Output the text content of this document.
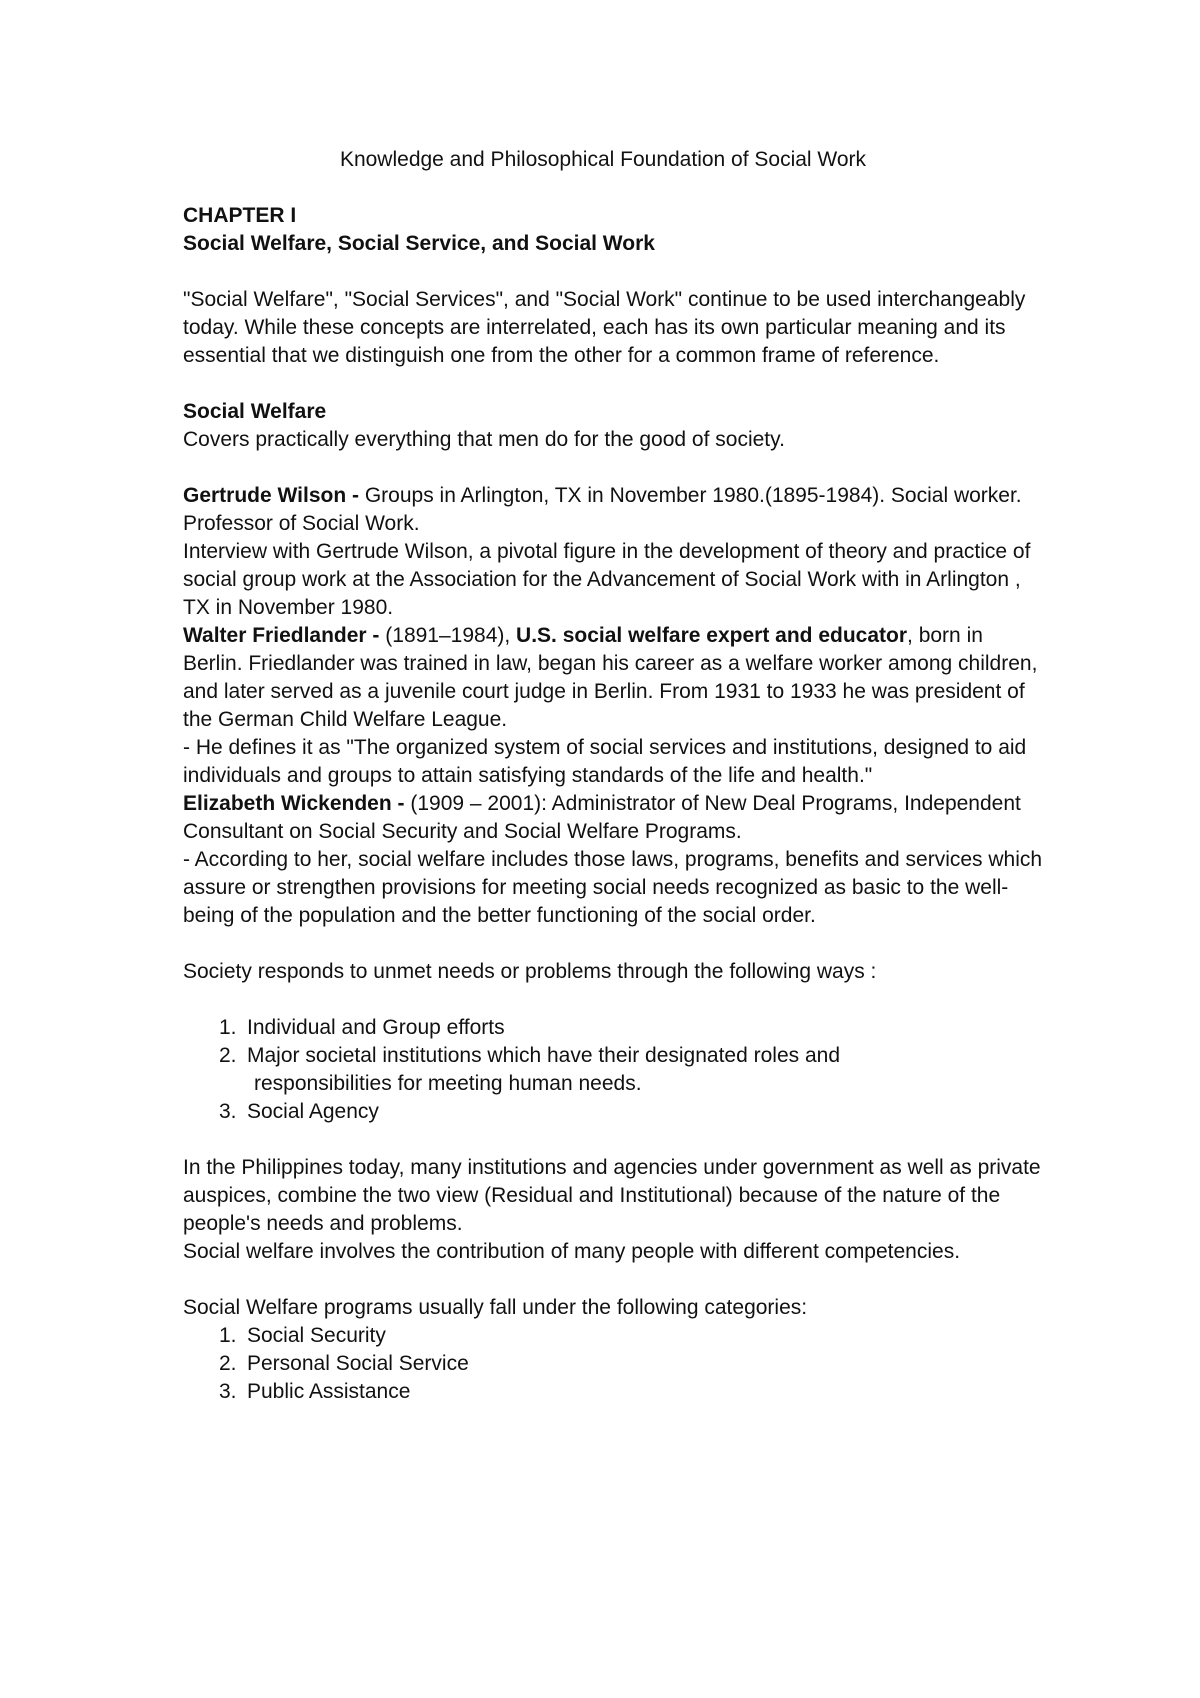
Knowledge and Philosophical Foundation of Social Work

CHAPTER I

Social Welfare, Social Service, and Social Work

"Social Welfare", "Social Services", and "Social Work" continue to be used interchangeably today. While these concepts are interrelated, each has its own particular meaning and its essential that we distinguish one from the other for a common frame of reference.

Social Welfare

Covers practically everything that men do for the good of society.

Gertrude Wilson - Groups in Arlington, TX in November 1980.(1895-1984). Social worker. Professor of Social Work.

Interview with Gertrude Wilson, a pivotal figure in the development of theory and practice of social group work at the Association for the Advancement of Social Work with in Arlington , TX in November 1980.

Walter Friedlander - (1891–1984), U.S. social welfare expert and educator, born in Berlin. Friedlander was trained in law, began his career as a welfare worker among children, and later served as a juvenile court judge in Berlin. From 1931 to 1933 he was president of the German Child Welfare League.

- He defines it as "The organized system of social services and institutions, designed to aid individuals and groups to attain satisfying standards of the life and health."

Elizabeth Wickenden - (1909 – 2001): Administrator of New Deal Programs, Independent Consultant on Social Security and Social Welfare Programs.

- According to her, social welfare includes those laws, programs, benefits and services which assure or strengthen provisions for meeting social needs recognized as basic to the well-being of the population and the better functioning of the social order.

Society responds to unmet needs or problems through the following ways :

1. Individual and Group efforts
2. Major societal institutions which have their designated roles and
responsibilities for meeting human needs.
3. Social Agency

In the Philippines today, many institutions and agencies under government as well as private auspices, combine the two view (Residual and Institutional) because of the nature of the people's needs and problems.

Social welfare involves the contribution of many people with different competencies.

Social Welfare programs usually fall under the following categories:

1. Social Security
2. Personal Social Service
3. Public Assistance
